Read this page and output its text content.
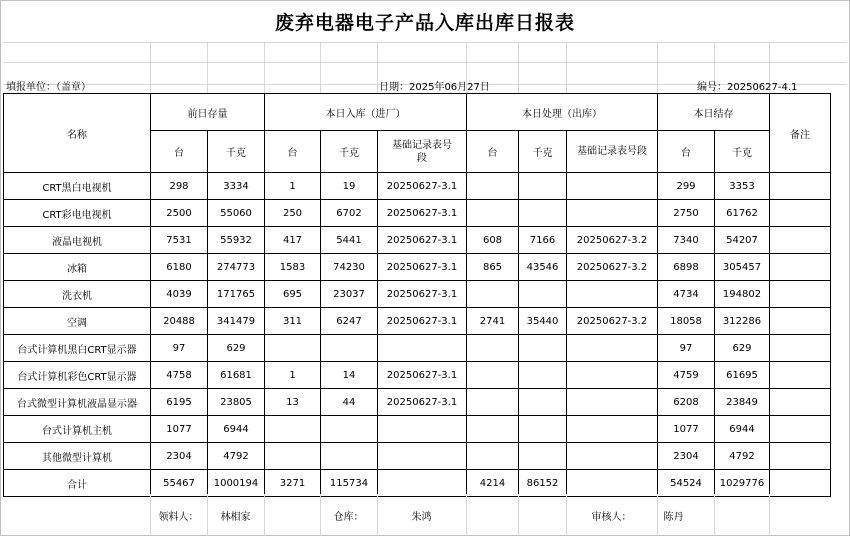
废弃电器电子产品入库出库日报表
填报单位：（盖章）	日期：2025年06月27日	编号：20250627-4.1
名称	前日存量		本日入库（进厂）			本日处理（出库）			本日结存		备注
	台	千克	台	千克	基础记录表号段	台	千克	基础记录表号段	台	千克	
CRT黑白电视机	298	3334	1	19	20250627-3.1				299	3353	
CRT彩电电视机	2500	55060	250	6702	20250627-3.1				2750	61762	
液晶电视机	7531	55932	417	5441	20250627-3.1	608	7166	20250627-3.2	7340	54207	
冰箱	6180	274773	1583	74230	20250627-3.1	865	43546	20250627-3.2	6898	305457	
洗衣机	4039	171765	695	23037	20250627-3.1				4734	194802	
空调	20488	341479	311	6247	20250627-3.1	2741	35440	20250627-3.2	18058	312286	
台式计算机黑白CRT显示器	97	629							97	629	
台式计算机彩色CRT显示器	4758	61681	1	14	20250627-3.1				4759	61695	
台式微型计算机液晶显示器	6195	23805	13	44	20250627-3.1				6208	23849	
台式计算机主机	1077	6944							1077	6944	
其他微型计算机	2304	4792							2304	4792	
合计	55467	1000194	3271	115734		4214	86152		54524	1029776	
	领料人：	林相家		仓库：	朱鸿			审核人：	陈丹		
